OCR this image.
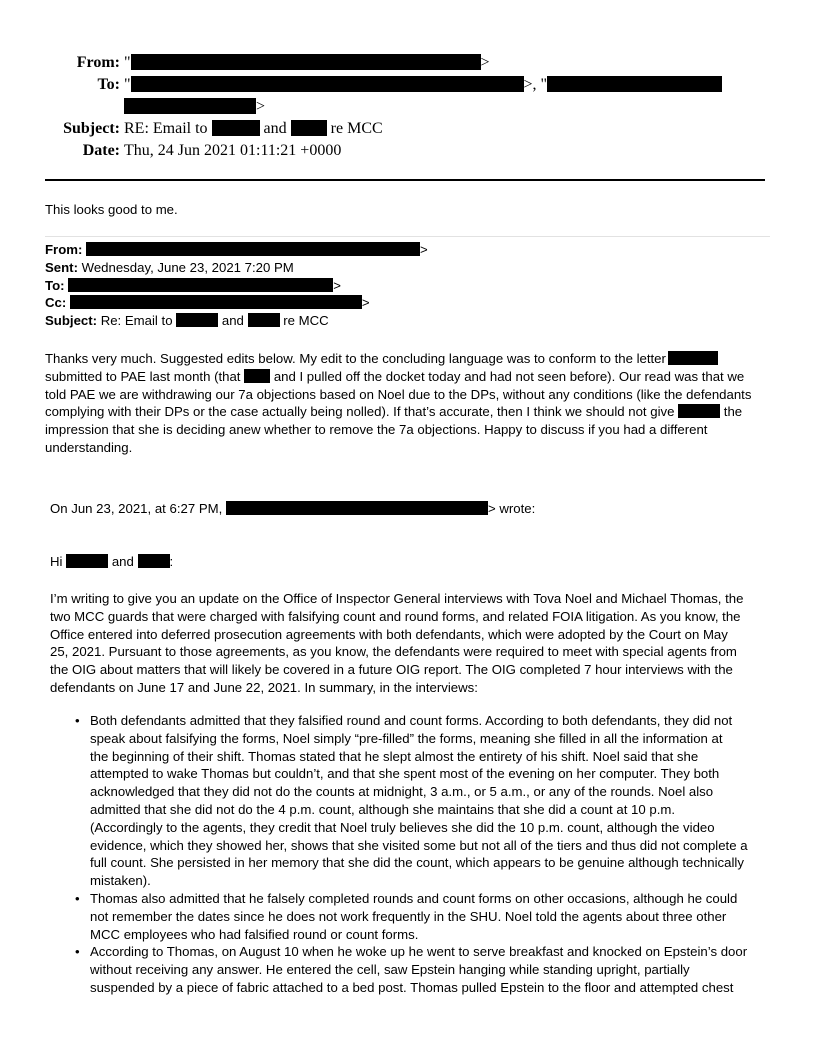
From: "	>
To: "	>, "
>
Subject: RE: Email to	and	re MCC
Date: Thu, 24 Jun 2021 01:11:21 +0000
This looks good to me.
From:	>
Sent: Wednesday, June 23, 2021 7:20 PM
To:	>
Cc:	>
Subject: Re: Email to	and	re MCC
Thanks very much. Suggested edits below. My edit to the concluding language was to conform to the letter
submitted to PAE last month (that	and I pulled off the docket today and had not seen before). Our read was that we
told PAE we are withdrawing our 7a objections based on Noel due to the DPs, without any conditions (like the defendants
complying with their DPs or the case actually being nolled). If that’s accurate, then I think we should not give	the
impression that she is deciding anew whether to remove the 7a objections. Happy to discuss if you had a different
understanding.
On Jun 23, 2021, at 6:27 PM,	> wrote:
Hi	and	:
I’m writing to give you an update on the Office of Inspector General interviews with Tova Noel and Michael Thomas, the
two MCC guards that were charged with falsifying count and round forms, and related FOIA litigation. As you know, the
Office entered into deferred prosecution agreements with both defendants, which were adopted by the Court on May
25, 2021. Pursuant to those agreements, as you know, the defendants were required to meet with special agents from
the OIG about matters that will likely be covered in a future OIG report. The OIG completed 7 hour interviews with the
defendants on June 17 and June 22, 2021. In summary, in the interviews:
• Both defendants admitted that they falsified round and count forms. According to both defendants, they did not
speak about falsifying the forms, Noel simply “pre-filled” the forms, meaning she filled in all the information at
the beginning of their shift. Thomas stated that he slept almost the entirety of his shift. Noel said that she
attempted to wake Thomas but couldn’t, and that she spent most of the evening on her computer. They both
acknowledged that they did not do the counts at midnight, 3 a.m., or 5 a.m., or any of the rounds. Noel also
admitted that she did not do the 4 p.m. count, although she maintains that she did a count at 10 p.m.
(Accordingly to the agents, they credit that Noel truly believes she did the 10 p.m. count, although the video
evidence, which they showed her, shows that she visited some but not all of the tiers and thus did not complete a
full count. She persisted in her memory that she did the count, which appears to be genuine although technically
mistaken).
• Thomas also admitted that he falsely completed rounds and count forms on other occasions, although he could
not remember the dates since he does not work frequently in the SHU. Noel told the agents about three other
MCC employees who had falsified round or count forms.
• According to Thomas, on August 10 when he woke up he went to serve breakfast and knocked on Epstein’s door
without receiving any answer. He entered the cell, saw Epstein hanging while standing upright, partially
suspended by a piece of fabric attached to a bed post. Thomas pulled Epstein to the floor and attempted chest
